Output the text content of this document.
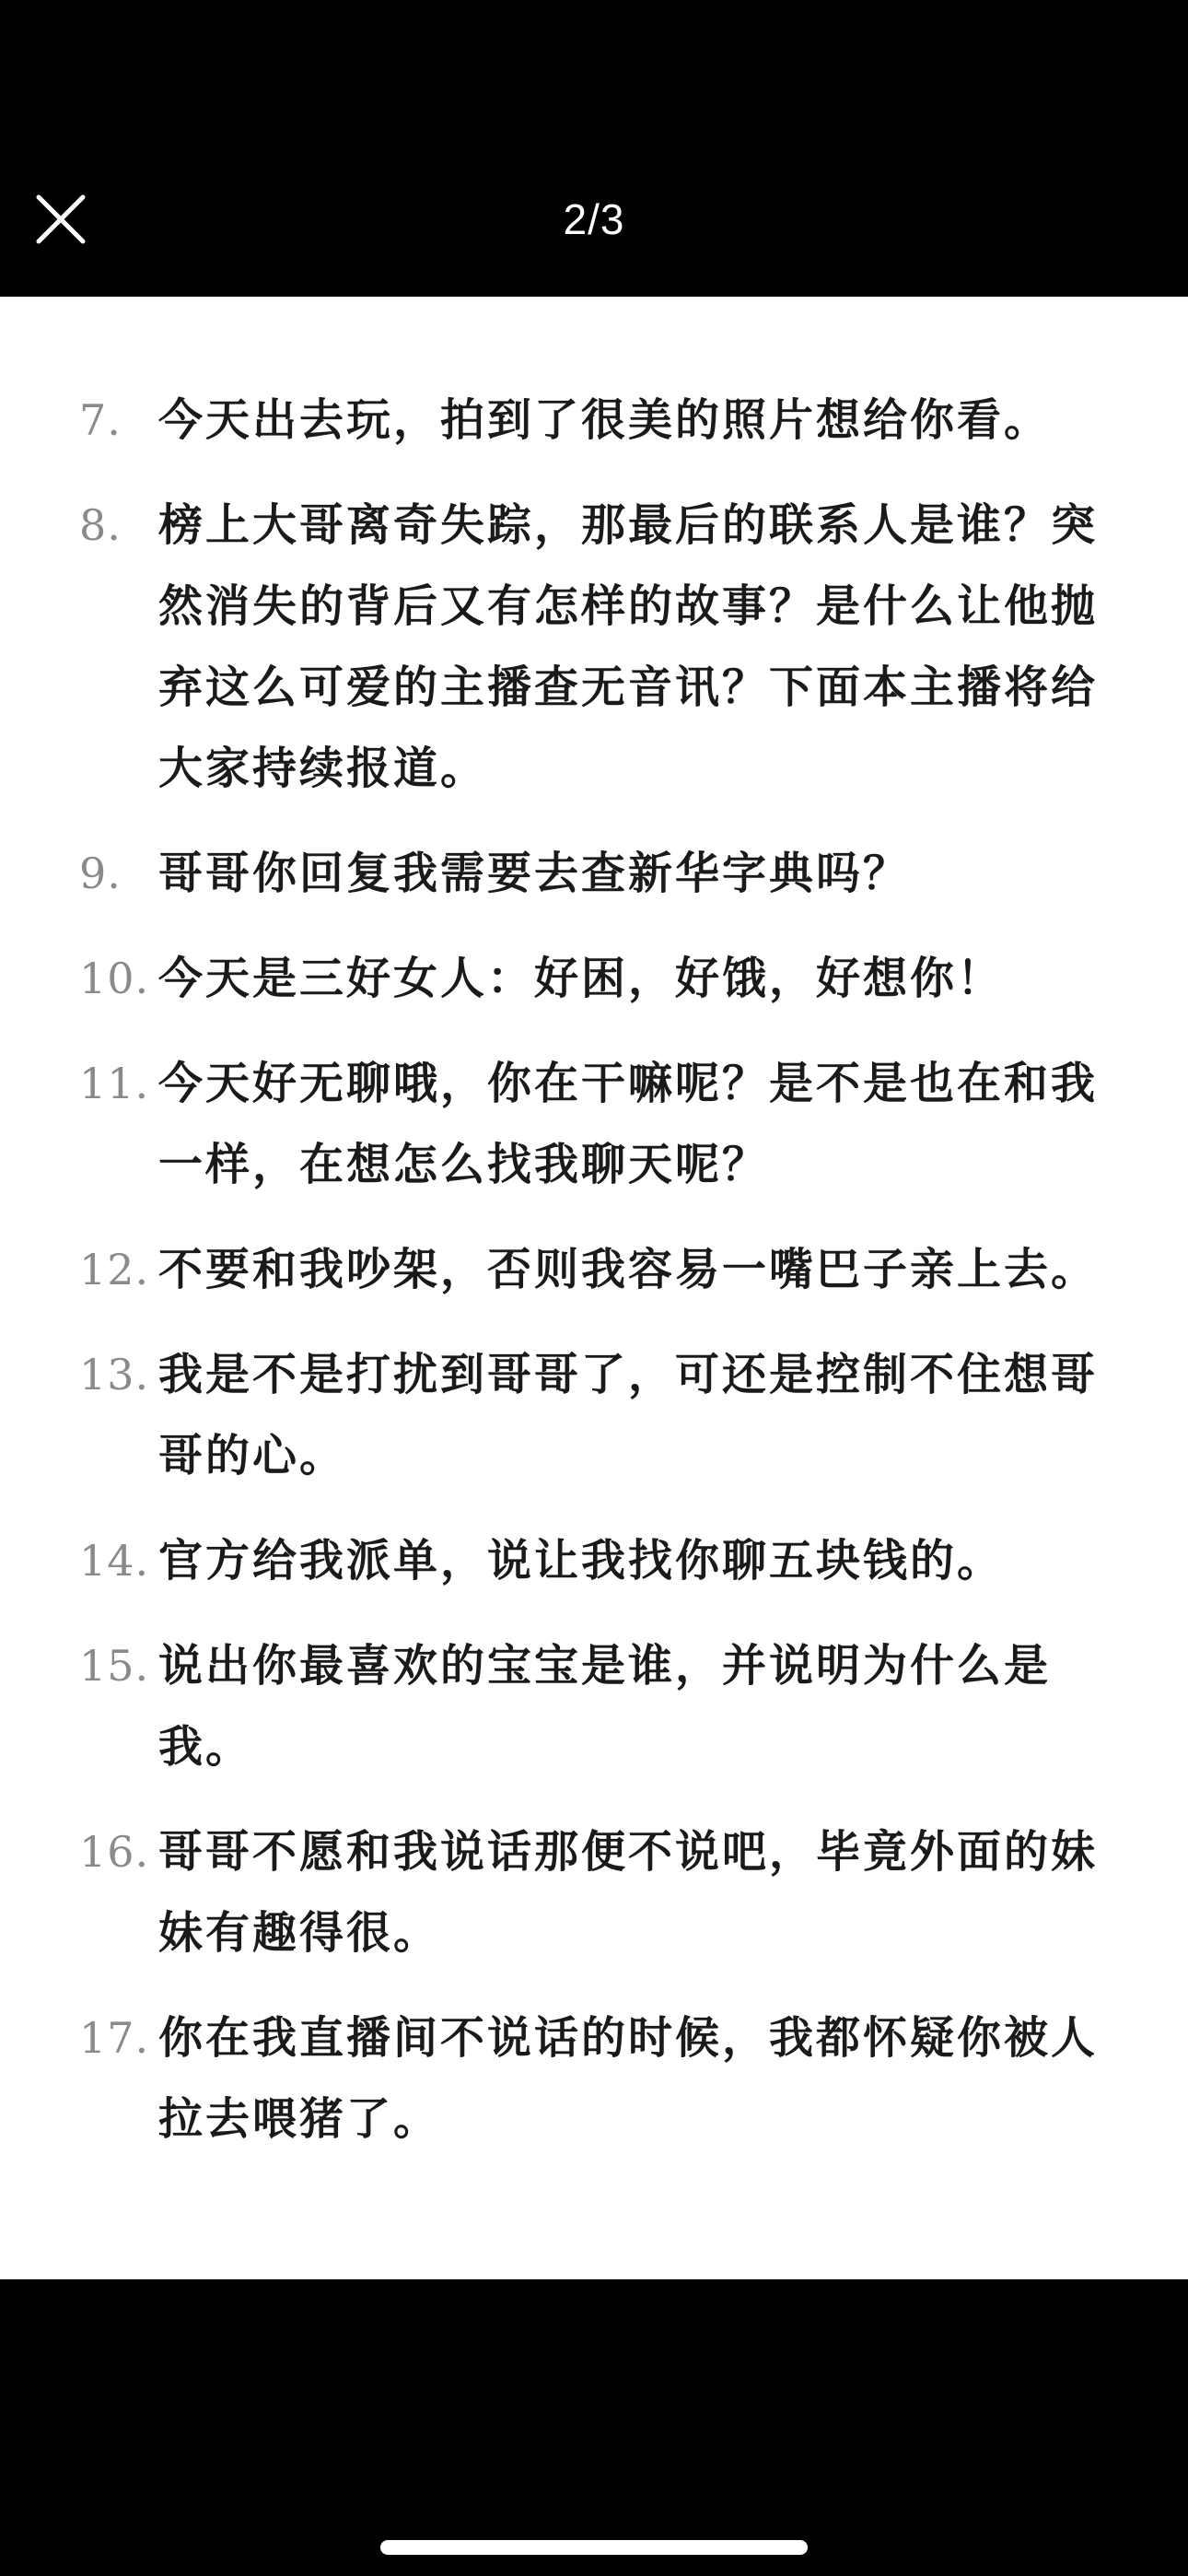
2/3
7. 今天出去玩，拍到了很美的照片想给你看。
8. 榜上大哥离奇失踪，那最后的联系人是谁？突然消失的背后又有怎样的故事？是什么让他抛弃这么可爱的主播查无音讯？下面本主播将给大家持续报道。
9. 哥哥你回复我需要去查新华字典吗？
10. 今天是三好女人：好困，好饿，好想你！
11. 今天好无聊哦，你在干嘛呢？是不是也在和我一样，在想怎么找我聊天呢？
12. 不要和我吵架，否则我容易一嘴巴子亲上去。
13. 我是不是打扰到哥哥了，可还是控制不住想哥哥的心。
14. 官方给我派单，说让我找你聊五块钱的。
15. 说出你最喜欢的宝宝是谁，并说明为什么是我。
16. 哥哥不愿和我说话那便不说吧，毕竟外面的妹妹有趣得很。
17. 你在我直播间不说话的时候，我都怀疑你被人拉去喂猪了。
